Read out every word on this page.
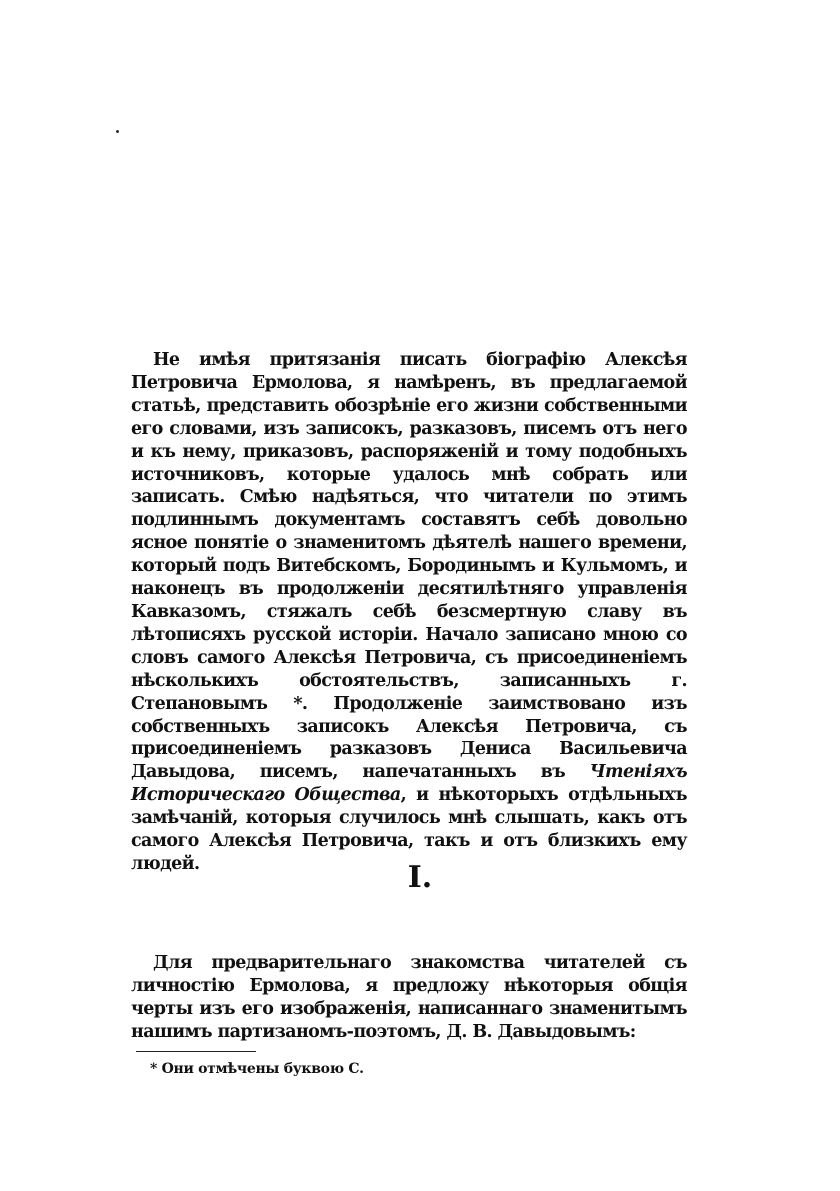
Не имѣя притязанія писать біографію Алексѣя Петровича Ермолова, я намѣренъ, въ предлагаемой статьѣ, представить обозрѣніе его жизни собственными его словами, изъ записокъ, разказовъ, писемъ отъ него и къ нему, приказовъ, распоряженій и тому подобныхъ источниковъ, которые удалось мнѣ собрать или записать. Смѣю надѣяться, что читатели по этимъ подлиннымъ документамъ составятъ себѣ довольно ясное понятіе о знаменитомъ дѣятелѣ нашего времени, который подъ Витебскомъ, Бородинымъ и Кульмомъ, и наконецъ въ продолженіи десятилѣтняго управленія Кавказомъ, стяжалъ себѣ безсмертную славу въ лѣтописяхъ русской исторіи. Начало записано мною со словъ самого Алексѣя Петровича, съ присоединеніемъ нѣсколькихъ обстоятельствъ, записанныхъ г. Степановымъ *. Продолженіе заимствовано изъ собственныхъ записокъ Алексѣя Петровича, съ присоединеніемъ разказовъ Дениса Васильевича Давыдова, писемъ, напечатанныхъ въ Чтеніяхъ Историческаго Общества, и нѣкоторыхъ отдѣльныхъ замѣчаній, которыя случилось мнѣ слышать, какъ отъ самого Алексѣя Петровича, такъ и отъ близкихъ ему людей.	I.

Для предварительнаго знакомства читателей съ личностію Ермолова, я предложу нѣкоторыя общія черты изъ его изображенія, написаннаго знаменитымъ нашимъ партизаномъ-поэтомъ, Д. В. Давыдовымъ:

* Они отмѣчены буквою С.
